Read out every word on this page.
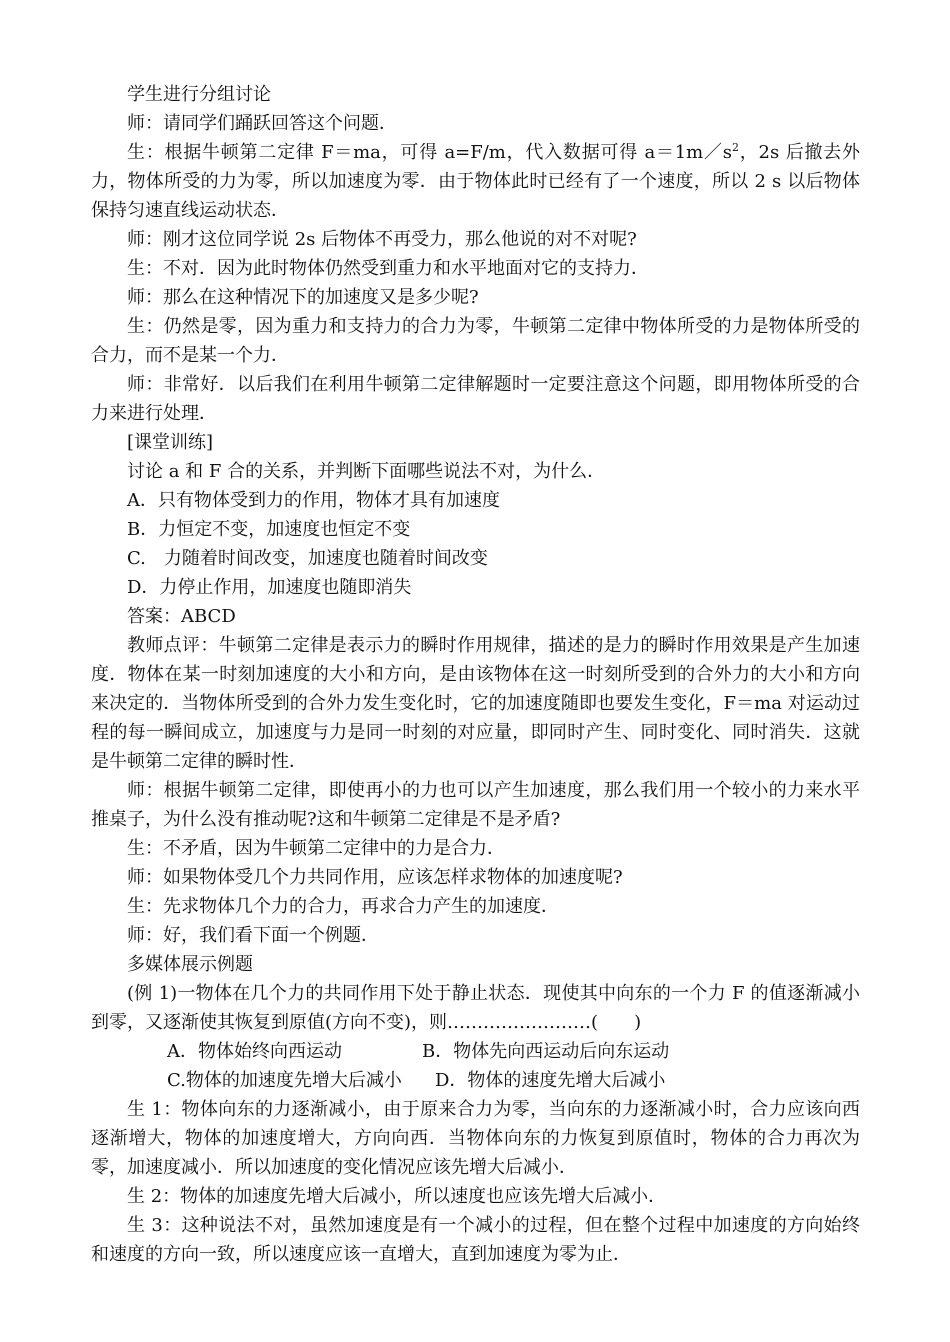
学生进行分组讨论

师：请同学们踊跃回答这个问题．

生：根据牛顿第二定律 F＝ma，可得 a=F/m，代入数据可得 $a=1m/s^2$，2s 后撤去外力，物体所受的力为零，所以加速度为零．由于物体此时已经有了一个速度，所以 2 s 以后物体保持匀速直线运动状态．

师：刚才这位同学说 2s 后物体不再受力，那么他说的对不对呢?

生：不对．因为此时物体仍然受到重力和水平地面对它的支持力．

师：那么在这种情况下的加速度又是多少呢?

生：仍然是零，因为重力和支持力的合力为零，牛顿第二定律中物体所受的力是物体所受的合力，而不是某一个力．

师：非常好．以后我们在利用牛顿第二定律解题时一定要注意这个问题，即用物体所受的合力来进行处理．

[课堂训练]

讨论 a 和 F 合的关系，并判断下面哪些说法不对，为什么．

A．只有物体受到力的作用，物体才具有加速度

B．力恒定不变，加速度也恒定不变

C.　力随着时间改变，加速度也随着时间改变

D．力停止作用，加速度也随即消失

答案：ABCD

教师点评：牛顿第二定律是表示力的瞬时作用规律，描述的是力的瞬时作用效果是产生加速度．物体在某一时刻加速度的大小和方向，是由该物体在这一时刻所受到的合外力的大小和方向来决定的．当物体所受到的合外力发生变化时，它的加速度随即也要发生变化，F＝ma 对运动过程的每一瞬间成立，加速度与力是同一时刻的对应量，即同时产生、同时变化、同时消失．这就是牛顿第二定律的瞬时性．

师：根据牛顿第二定律，即使再小的力也可以产生加速度，那么我们用一个较小的力来水平推桌子，为什么没有推动呢?这和牛顿第二定律是不是矛盾?

生：不矛盾，因为牛顿第二定律中的力是合力．

师：如果物体受几个力共同作用，应该怎样求物体的加速度呢?

生：先求物体几个力的合力，再求合力产生的加速度．

师：好，我们看下面一个例题．

多媒体展示例题

(例 1)一物体在几个力的共同作用下处于静止状态．现使其中向东的一个力 F 的值逐渐减小到零，又逐渐使其恢复到原值(方向不变)，则……………………(　　)

A．物体始终向西运动	B．物体先向西运动后向东运动

C.物体的加速度先增大后减小 D．物体的速度先增大后减小

生 1：物体向东的力逐渐减小，由于原来合力为零，当向东的力逐渐减小时，合力应该向西逐渐增大，物体的加速度增大，方向向西．当物体向东的力恢复到原值时，物体的合力再次为零，加速度减小．所以加速度的变化情况应该先增大后减小．

生 2：物体的加速度先增大后减小，所以速度也应该先增大后减小．

生 3：这种说法不对，虽然加速度是有一个减小的过程，但在整个过程中加速度的方向始终和速度的方向一致，所以速度应该一直增大，直到加速度为零为止．
